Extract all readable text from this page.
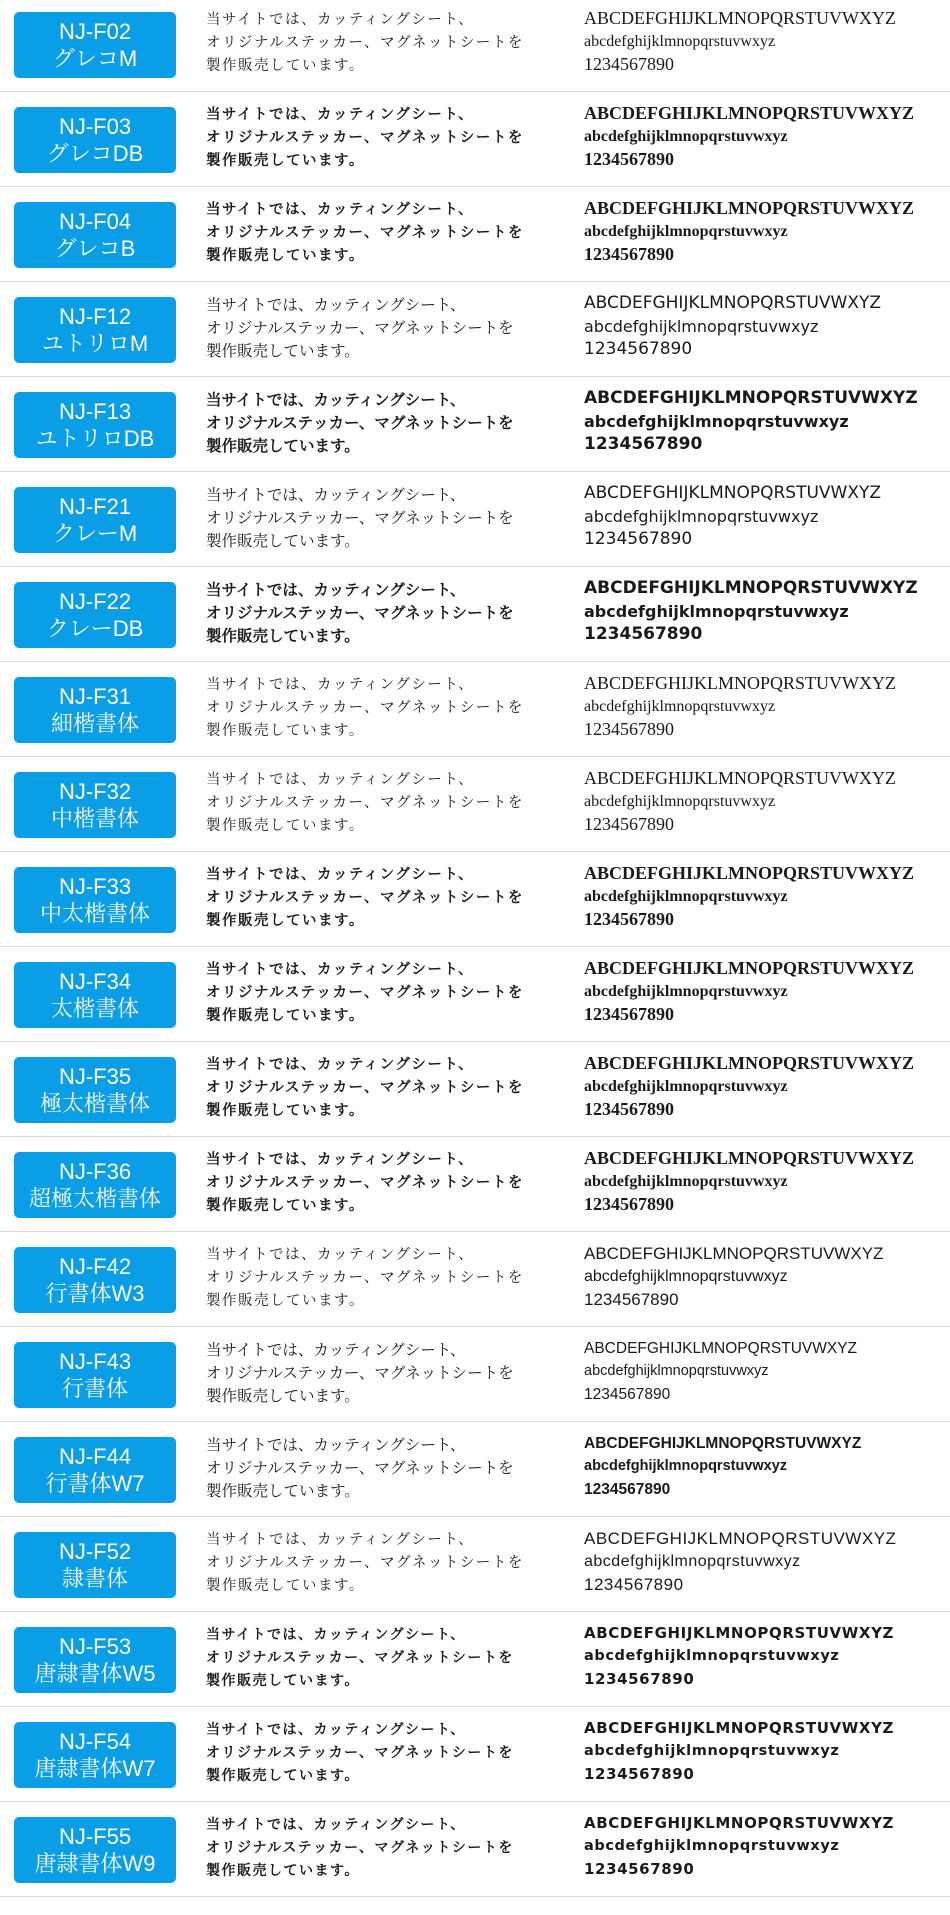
NJ-F02
グレコM
当サイトでは、カッティングシート、
オリジナルステッカー、マグネットシートを
製作販売しています。
ABCDEFGHIJKLMNOPQRSTUVWXYZ
abcdefghijklmnopqrstuvwxyz
1234567890
NJ-F03
グレコDB
当サイトでは、カッティングシート、
オリジナルステッカー、マグネットシートを
製作販売しています。
ABCDEFGHIJKLMNOPQRSTUVWXYZ
abcdefghijklmnopqrstuvwxyz
1234567890
NJ-F04
グレコB
当サイトでは、カッティングシート、
オリジナルステッカー、マグネットシートを
製作販売しています。
ABCDEFGHIJKLMNOPQRSTUVWXYZ
abcdefghijklmnopqrstuvwxyz
1234567890
NJ-F12
ユトリロM
当サイトでは、カッティングシート、
オリジナルステッカー、マグネットシートを
製作販売しています。
ABCDEFGHIJKLMNOPQRSTUVWXYZ
abcdefghijklmnopqrstuvwxyz
1234567890
NJ-F13
ユトリロDB
当サイトでは、カッティングシート、
オリジナルステッカー、マグネットシートを
製作販売しています。
ABCDEFGHIJKLMNOPQRSTUVWXYZ
abcdefghijklmnopqrstuvwxyz
1234567890
NJ-F21
クレーM
当サイトでは、カッティングシート、
オリジナルステッカー、マグネットシートを
製作販売しています。
ABCDEFGHIJKLMNOPQRSTUVWXYZ
abcdefghijklmnopqrstuvwxyz
1234567890
NJ-F22
クレーDB
当サイトでは、カッティングシート、
オリジナルステッカー、マグネットシートを
製作販売しています。
ABCDEFGHIJKLMNOPQRSTUVWXYZ
abcdefghijklmnopqrstuvwxyz
1234567890
NJ-F31
細楷書体
当サイトでは、カッティングシート、
オリジナルステッカー、マグネットシートを
製作販売しています。
ABCDEFGHIJKLMNOPQRSTUVWXYZ
abcdefghijklmnopqrstuvwxyz
1234567890
NJ-F32
中楷書体
当サイトでは、カッティングシート、
オリジナルステッカー、マグネットシートを
製作販売しています。
ABCDEFGHIJKLMNOPQRSTUVWXYZ
abcdefghijklmnopqrstuvwxyz
1234567890
NJ-F33
中太楷書体
当サイトでは、カッティングシート、
オリジナルステッカー、マグネットシートを
製作販売しています。
ABCDEFGHIJKLMNOPQRSTUVWXYZ
abcdefghijklmnopqrstuvwxyz
1234567890
NJ-F34
太楷書体
当サイトでは、カッティングシート、
オリジナルステッカー、マグネットシートを
製作販売しています。
ABCDEFGHIJKLMNOPQRSTUVWXYZ
abcdefghijklmnopqrstuvwxyz
1234567890
NJ-F35
極太楷書体
当サイトでは、カッティングシート、
オリジナルステッカー、マグネットシートを
製作販売しています。
ABCDEFGHIJKLMNOPQRSTUVWXYZ
abcdefghijklmnopqrstuvwxyz
1234567890
NJ-F36
超極太楷書体
当サイトでは、カッティングシート、
オリジナルステッカー、マグネットシートを
製作販売しています。
ABCDEFGHIJKLMNOPQRSTUVWXYZ
abcdefghijklmnopqrstuvwxyz
1234567890
NJ-F42
行書体W3
当サイトでは、カッティングシート、
オリジナルステッカー、マグネットシートを
製作販売しています。
ABCDEFGHIJKLMNOPQRSTUVWXYZ
abcdefghijklmnopqrstuvwxyz
1234567890
NJ-F43
行書体
当サイトでは、カッティングシート、
オリジナルステッカー、マグネットシートを
製作販売しています。
ABCDEFGHIJKLMNOPQRSTUVWXYZ
abcdefghijklmnopqrstuvwxyz
1234567890
NJ-F44
行書体W7
当サイトでは、カッティングシート、
オリジナルステッカー、マグネットシートを
製作販売しています。
ABCDEFGHIJKLMNOPQRSTUVWXYZ
abcdefghijklmnopqrstuvwxyz
1234567890
NJ-F52
隷書体
当サイトでは、カッティングシート、
オリジナルステッカー、マグネットシートを
製作販売しています。
ABCDEFGHIJKLMNOPQRSTUVWXYZ
abcdefghijklmnopqrstuvwxyz
1234567890
NJ-F53
唐隷書体W5
当サイトでは、カッティングシート、
オリジナルステッカー、マグネットシートを
製作販売しています。
ABCDEFGHIJKLMNOPQRSTUVWXYZ
abcdefghijklmnopqrstuvwxyz
1234567890
NJ-F54
唐隷書体W7
当サイトでは、カッティングシート、
オリジナルステッカー、マグネットシートを
製作販売しています。
ABCDEFGHIJKLMNOPQRSTUVWXYZ
abcdefghijklmnopqrstuvwxyz
1234567890
NJ-F55
唐隷書体W9
当サイトでは、カッティングシート、
オリジナルステッカー、マグネットシートを
製作販売しています。
ABCDEFGHIJKLMNOPQRSTUVWXYZ
abcdefghijklmnopqrstuvwxyz
1234567890
